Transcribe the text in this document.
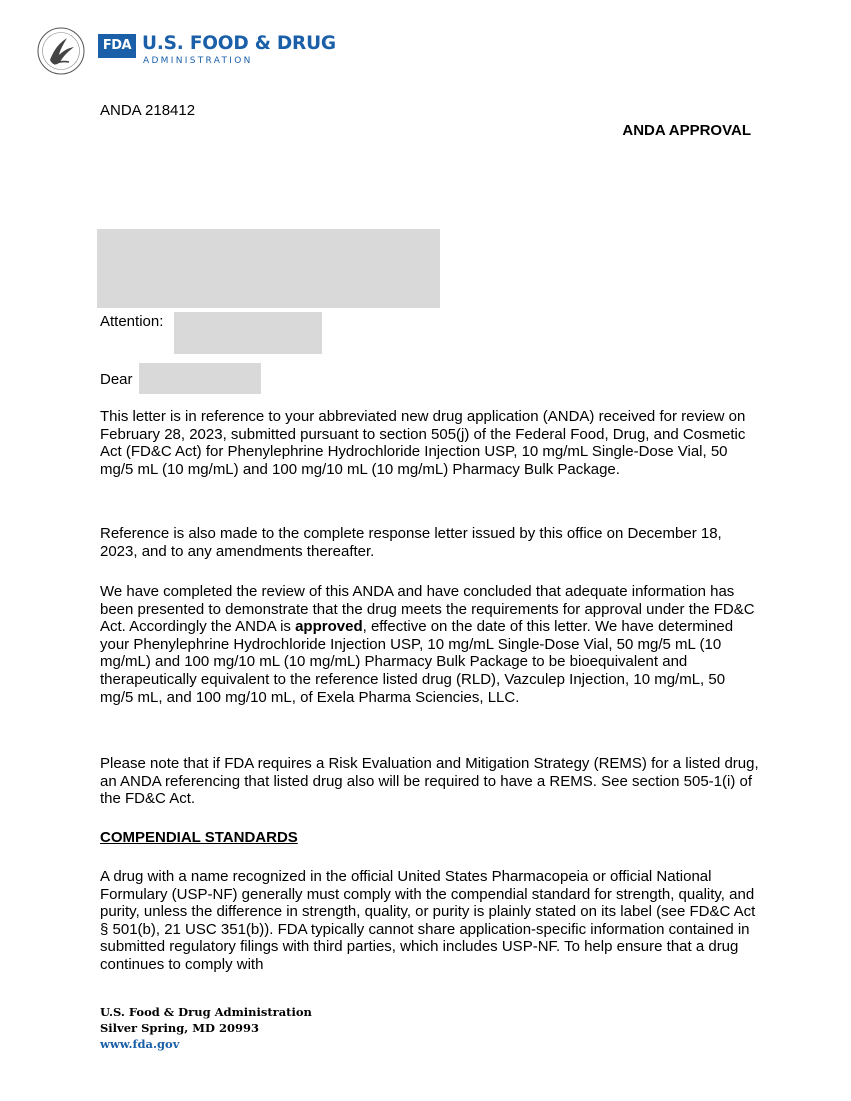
FDA U.S. FOOD & DRUG
ADMINISTRATION
ANDA 218412
ANDA APPROVAL
Attention:
Dear

This letter is in reference to your abbreviated new drug application (ANDA) received for review on February 28, 2023, submitted pursuant to section 505(j) of the Federal Food, Drug, and Cosmetic Act (FD&C Act) for Phenylephrine Hydrochloride Injection USP, 10 mg/mL Single-Dose Vial, 50 mg/5 mL (10 mg/mL) and 100 mg/10 mL (10 mg/mL) Pharmacy Bulk Package.

Reference is also made to the complete response letter issued by this office on December 18, 2023, and to any amendments thereafter.

We have completed the review of this ANDA and have concluded that adequate information has been presented to demonstrate that the drug meets the requirements for approval under the FD&C Act. Accordingly the ANDA is approved, effective on the date of this letter. We have determined your Phenylephrine Hydrochloride Injection USP, 10 mg/mL Single-Dose Vial, 50 mg/5 mL (10 mg/mL) and 100 mg/10 mL (10 mg/mL) Pharmacy Bulk Package to be bioequivalent and therapeutically equivalent to the reference listed drug (RLD), Vazculep Injection, 10 mg/mL, 50 mg/5 mL, and 100 mg/10 mL, of Exela Pharma Sciencies, LLC.

Please note that if FDA requires a Risk Evaluation and Mitigation Strategy (REMS) for a listed drug, an ANDA referencing that listed drug also will be required to have a REMS. See section 505-1(i) of the FD&C Act.

COMPENDIAL STANDARDS

A drug with a name recognized in the official United States Pharmacopeia or official National Formulary (USP-NF) generally must comply with the compendial standard for strength, quality, and purity, unless the difference in strength, quality, or purity is plainly stated on its label (see FD&C Act § 501(b), 21 USC 351(b)). FDA typically cannot share application-specific information contained in submitted regulatory filings with third parties, which includes USP-NF. To help ensure that a drug continues to comply with

U.S. Food & Drug Administration
Silver Spring, MD 20993
www.fda.gov
